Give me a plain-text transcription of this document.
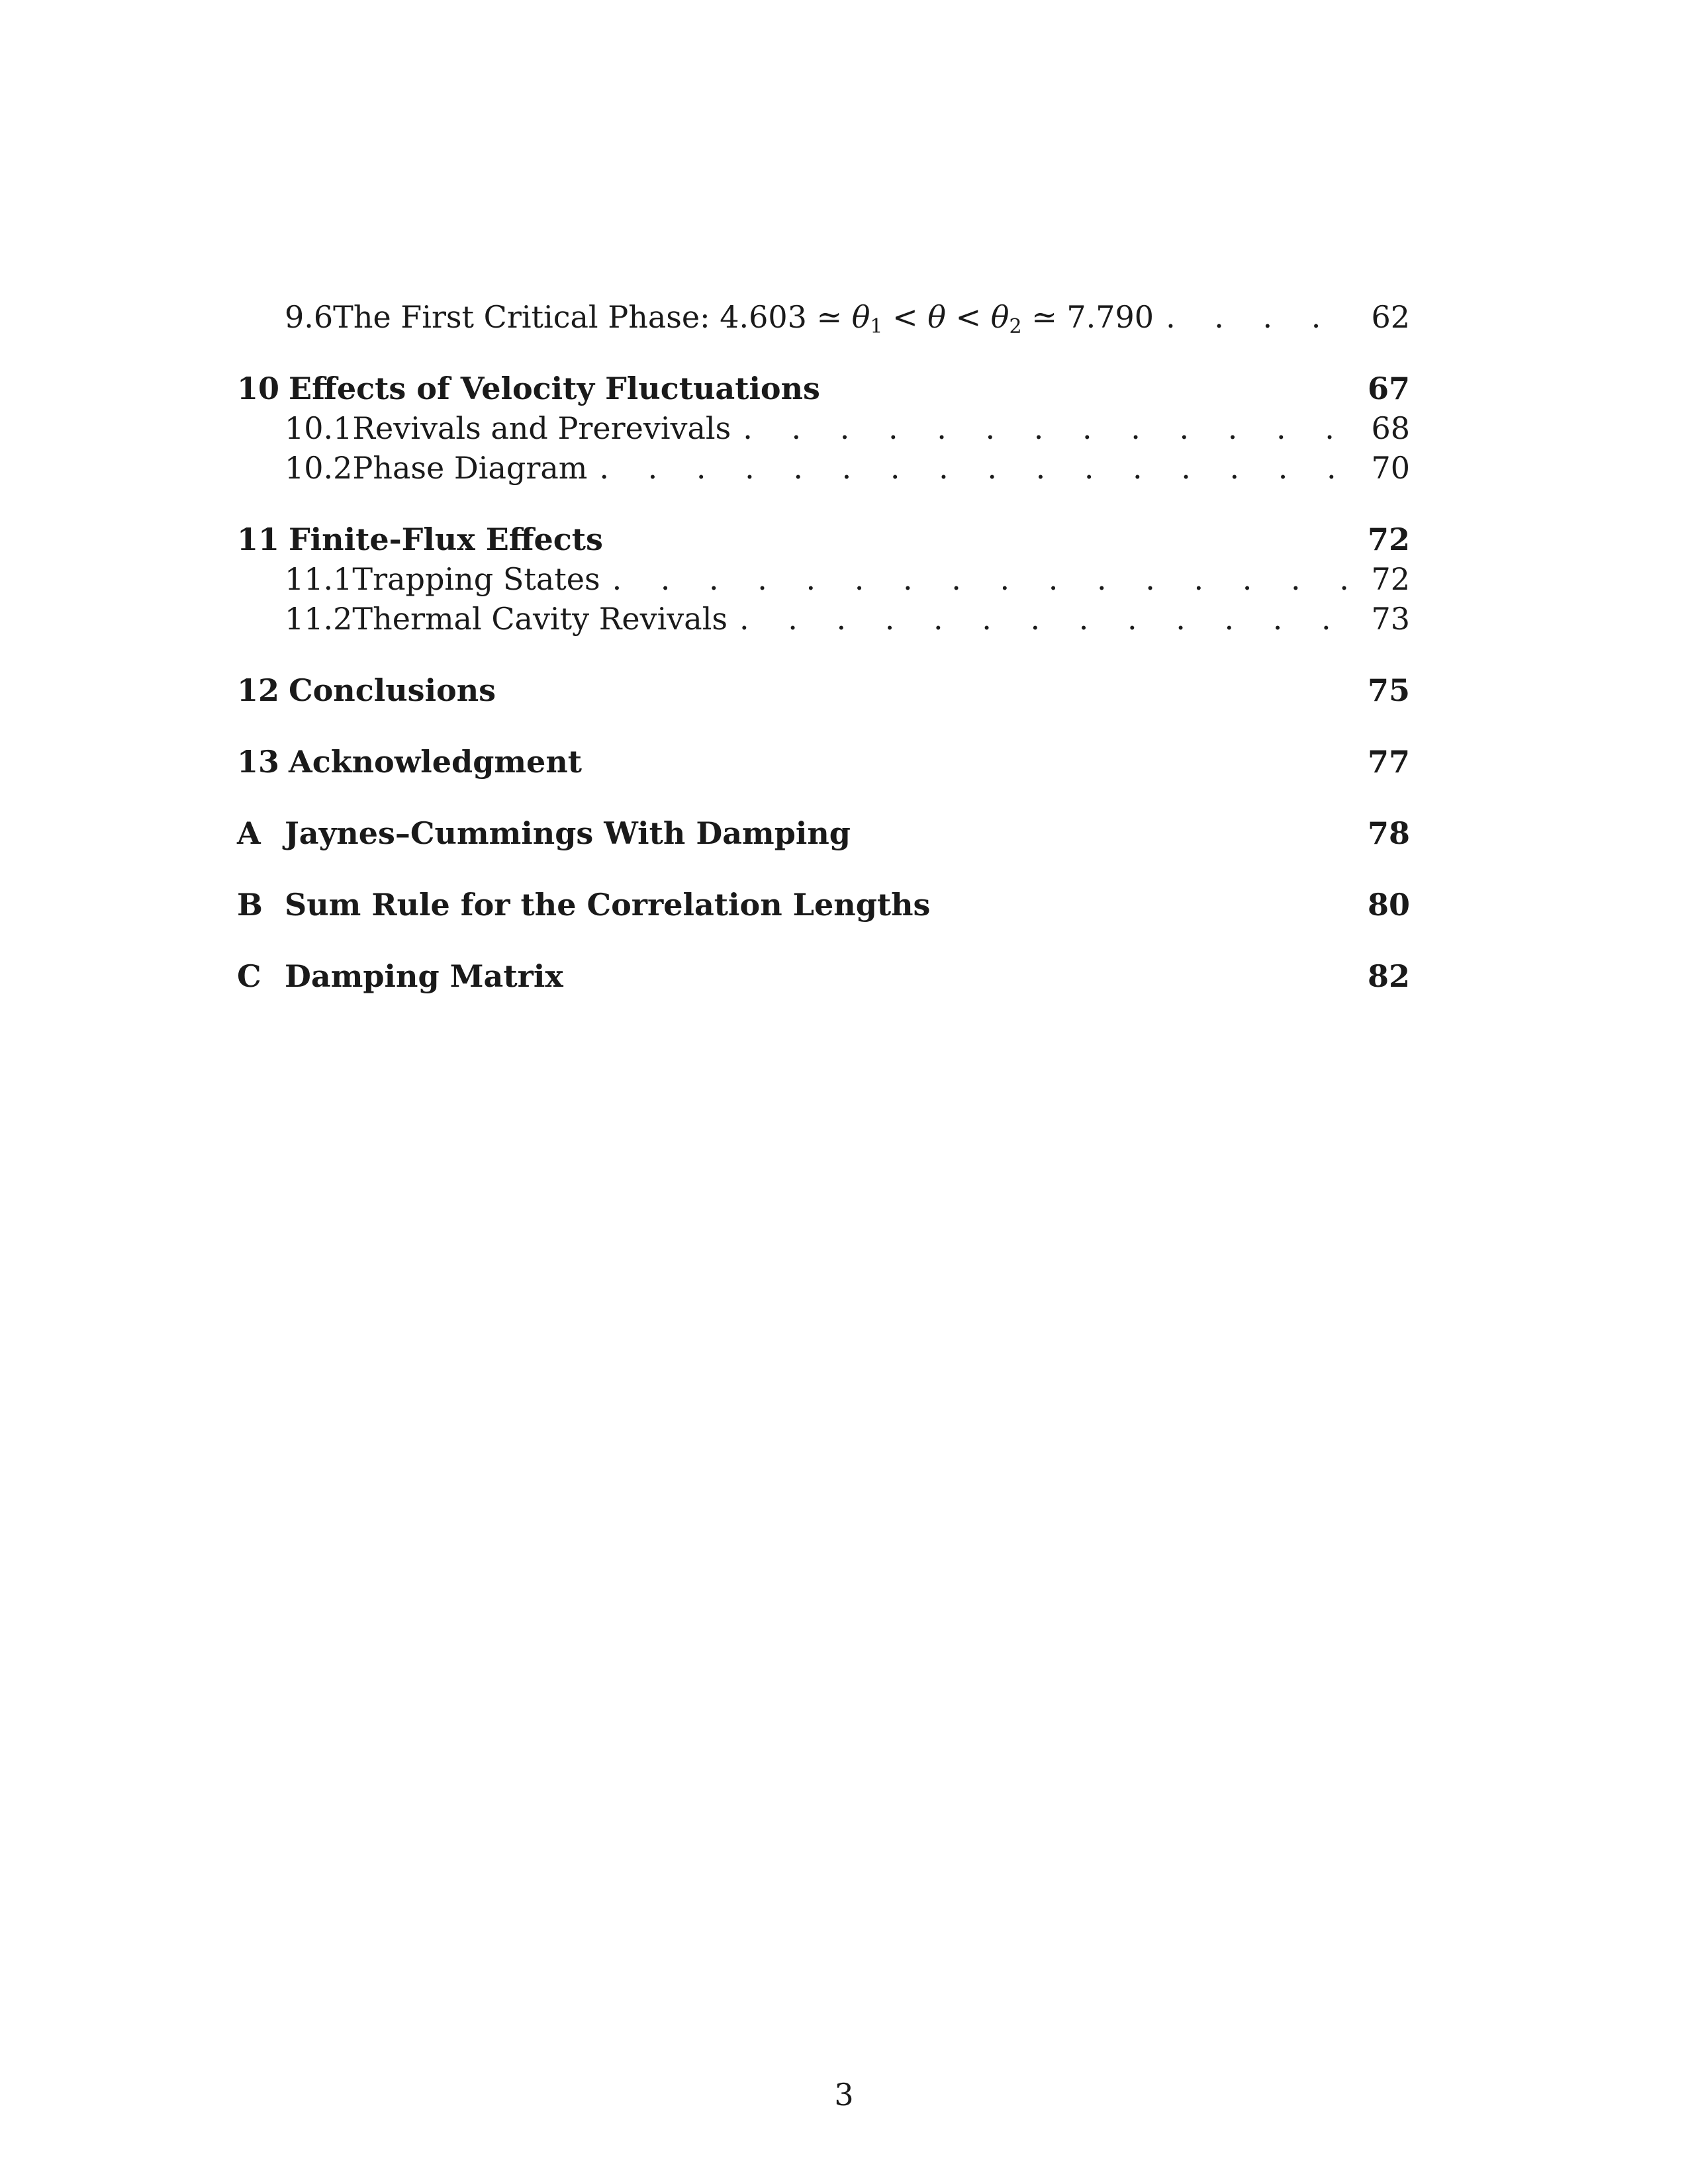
9.6 The First Critical Phase: 4.603 ≃ $\theta_1 < \theta < \theta_2$ ≃ 7.790 . . .	62
10 Effects of Velocity Fluctuations	67
10.1 Revivals and Prerevivals . . .	68
10.2 Phase Diagram . . .	70
11 Finite-Flux Effects	72
11.1 Trapping States . . .	72
11.2 Thermal Cavity Revivals . . .	73
12 Conclusions	75
13 Acknowledgment	77
A Jaynes–Cummings With Damping	78
B Sum Rule for the Correlation Lengths	80
C Damping Matrix	82
3
